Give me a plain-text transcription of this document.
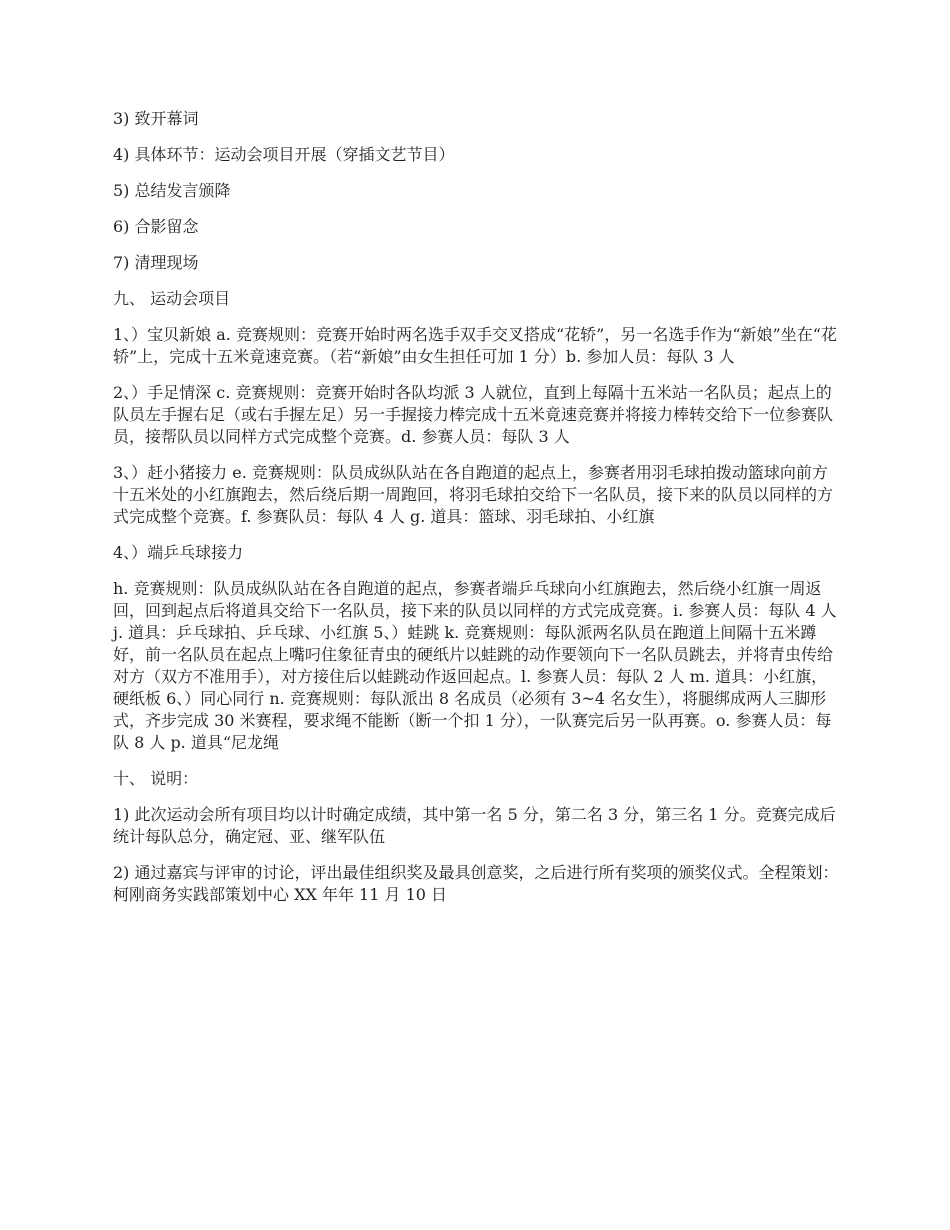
3) 致开幕词

4) 具体环节：运动会项目开展（穿插文艺节目）

5) 总结发言颁降

6) 合影留念

7) 清理现场

九、 运动会项目

1、）宝贝新娘 a. 竞赛规则：竞赛开始时两名选手双手交叉搭成“花轿”，另一名选手作为“新娘”坐在“花轿”上，完成十五米竟速竞赛。（若“新娘”由女生担任可加 1 分）b. 参加人员：每队 3 人

2、）手足情深 c. 竞赛规则：竞赛开始时各队均派 3 人就位，直到上每隔十五米站一名队员；起点上的队员左手握右足（或右手握左足）另一手握接力棒完成十五米竟速竞赛并将接力棒转交给下一位参赛队员，接帮队员以同样方式完成整个竞赛。d. 参赛人员：每队 3 人

3、）赶小猪接力 e. 竞赛规则：队员成纵队站在各自跑道的起点上，参赛者用羽毛球拍拨动篮球向前方十五米处的小红旗跑去，然后绕后期一周跑回，将羽毛球拍交给下一名队员，接下来的队员以同样的方式完成整个竞赛。f. 参赛队员：每队 4 人 g. 道具：篮球、羽毛球拍、小红旗

4、）端乒乓球接力

h. 竞赛规则：队员成纵队站在各自跑道的起点，参赛者端乒乓球向小红旗跑去，然后绕小红旗一周返回，回到起点后将道具交给下一名队员，接下来的队员以同样的方式完成竞赛。i. 参赛人员：每队 4 人 j. 道具：乒乓球拍、乒乓球、小红旗 5、）蛙跳 k. 竞赛规则：每队派两名队员在跑道上间隔十五米蹲好，前一名队员在起点上嘴叼住象征青虫的硬纸片以蛙跳的动作要领向下一名队员跳去，并将青虫传给对方（双方不准用手），对方接住后以蛙跳动作返回起点。l. 参赛人员：每队 2 人 m. 道具：小红旗，硬纸板 6、）同心同行 n. 竞赛规则：每队派出 8 名成员（必须有 3~4 名女生），将腿绑成两人三脚形式，齐步完成 30 米赛程，要求绳不能断（断一个扣 1 分），一队赛完后另一队再赛。o. 参赛人员：每队 8 人 p. 道具“尼龙绳

十、 说明：

1) 此次运动会所有项目均以计时确定成绩，其中第一名 5 分，第二名 3 分，第三名 1 分。竞赛完成后统计每队总分，确定冠、亚、继军队伍

2) 通过嘉宾与评审的讨论，评出最佳组织奖及最具创意奖，之后进行所有奖项的颁奖仪式。全程策划：柯刚商务实践部策划中心 XX 年年 11 月 10 日
